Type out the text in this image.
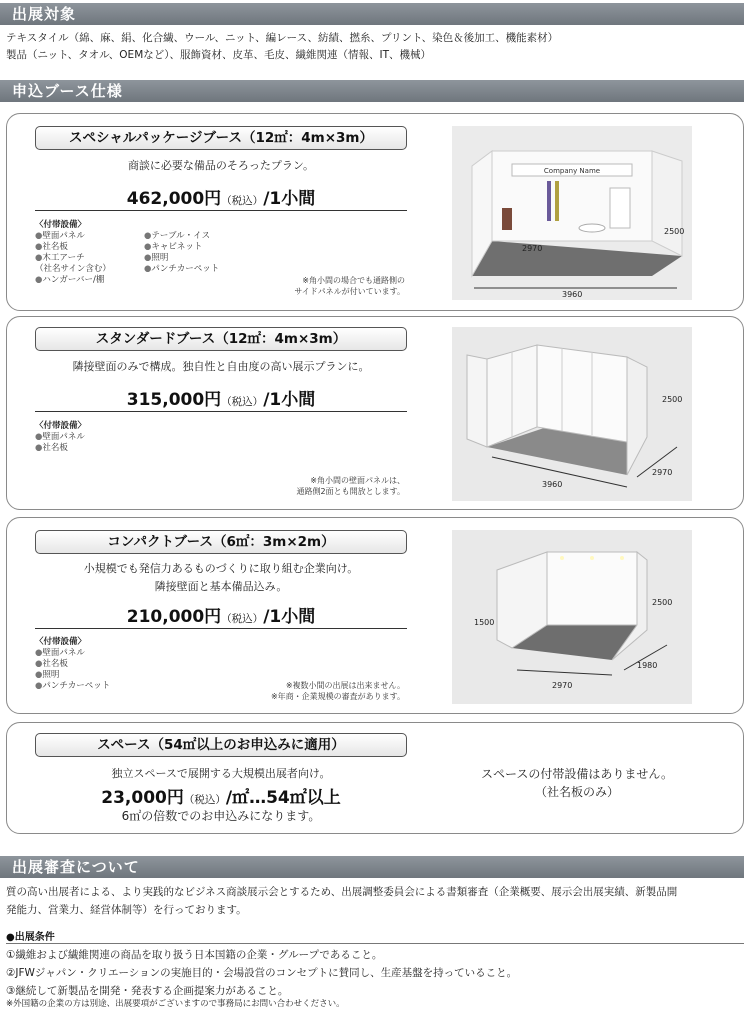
出展対象
テキスタイル（綿、麻、絹、化合繊、ウール、ニット、編レース、紡績、撚糸、プリント、染色＆後加工、機能素材）
製品（ニット、タオル、OEMなど）、服飾資材、皮革、毛皮、繊維関連（情報、IT、機械）
申込ブース仕様
スペシャルパッケージブース（12㎡：4m×3m）
商談に必要な備品のそろったプラン。
462,000円（税込）/1小間
〈付帯設備〉
●壁面パネル
●社名板
●木工アーチ
（社名サイン含む）
●ハンガーバー/棚
●テーブル・イス
●キャビネット
●照明
●パンチカーペット
※角小間の場合でも通路側の
サイドパネルが付いています。
Company Name
2970
2500
3960
スタンダードブース（12㎡：4m×3m）
隣接壁面のみで構成。独自性と自由度の高い展示プランに。
315,000円（税込）/1小間
〈付帯設備〉
●壁面パネル
●社名板
※角小間の壁面パネルは、
通路側2面とも開放とします。
2500
3960
2970
コンパクトブース（6㎡：3m×2m）
小規模でも発信力あるものづくりに取り組む企業向け。
隣接壁面と基本備品込み。
210,000円（税込）/1小間
〈付帯設備〉
●壁面パネル
●社名板
●照明
●パンチカーペット	※複数小間の出展は出来ません。
※年商・企業規模の審査があります。
2500
1500
2970
1980
スペース（54㎡以上のお申込みに適用）
独立スペースで展開する大規模出展者向け。
23,000円（税込）/㎡…54㎡以上
6㎡の倍数でのお申込みになります。
スペースの付帯設備はありません。
（社名板のみ）
出展審査について
質の高い出展者による、より実践的なビジネス商談展示会とするため、出展調整委員会による書類審査（企業概要、展示会出展実績、新製品開
発能力、営業力、経営体制等）を行っております。
●出展条件
①繊維および繊維関連の商品を取り扱う日本国籍の企業・グループであること。
②JFWジャパン・クリエーションの実施目的・会場設営のコンセプトに賛同し、生産基盤を持っていること。
③継続して新製品を開発・発表する企画提案力があること。
※外国籍の企業の方は別途、出展要項がございますので事務局にお問い合わせください。
